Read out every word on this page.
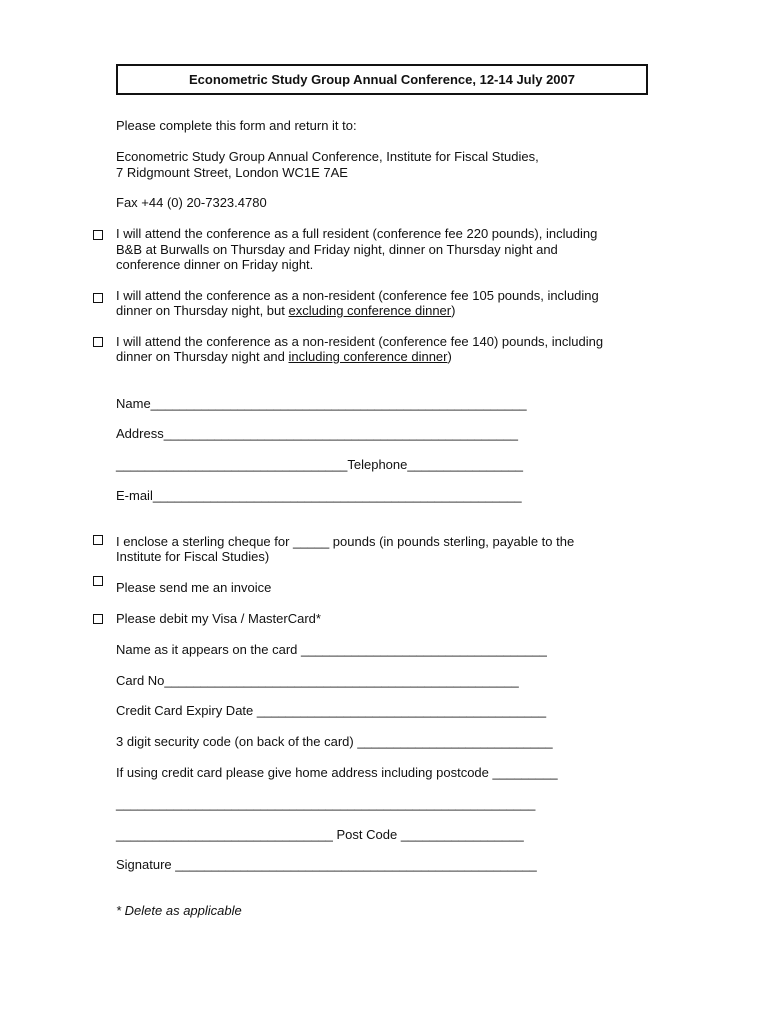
Econometric Study Group Annual Conference, 12-14 July 2007
Please complete this form and return it to:
Econometric Study Group Annual Conference, Institute for Fiscal Studies,
7 Ridgmount Street, London WC1E 7AE
Fax +44 (0) 20-7323.4780
I will attend the conference as a full resident (conference fee 220 pounds), including
B&B at Burwalls on Thursday and Friday night, dinner on Thursday night and
conference dinner on Friday night.
I will attend the conference as a non-resident (conference fee 105 pounds, including
dinner on Thursday night, but excluding conference dinner)
I will attend the conference as a non-resident (conference fee 140) pounds, including
dinner on Thursday night and including conference dinner)
Name____________________________________________________
Address_________________________________________________
________________________________Telephone________________
E-mail___________________________________________________
I enclose a sterling cheque for _____ pounds (in pounds sterling, payable to the
Institute for Fiscal Studies)
Please send me an invoice
Please debit my Visa / MasterCard*
Name as it appears on the card __________________________________
Card No_________________________________________________
Credit Card Expiry Date ________________________________________
3 digit security code (on back of the card) ___________________________
If using credit card please give home address including postcode _________
__________________________________________________________
______________________________ Post Code _________________
Signature __________________________________________________
* Delete as applicable
